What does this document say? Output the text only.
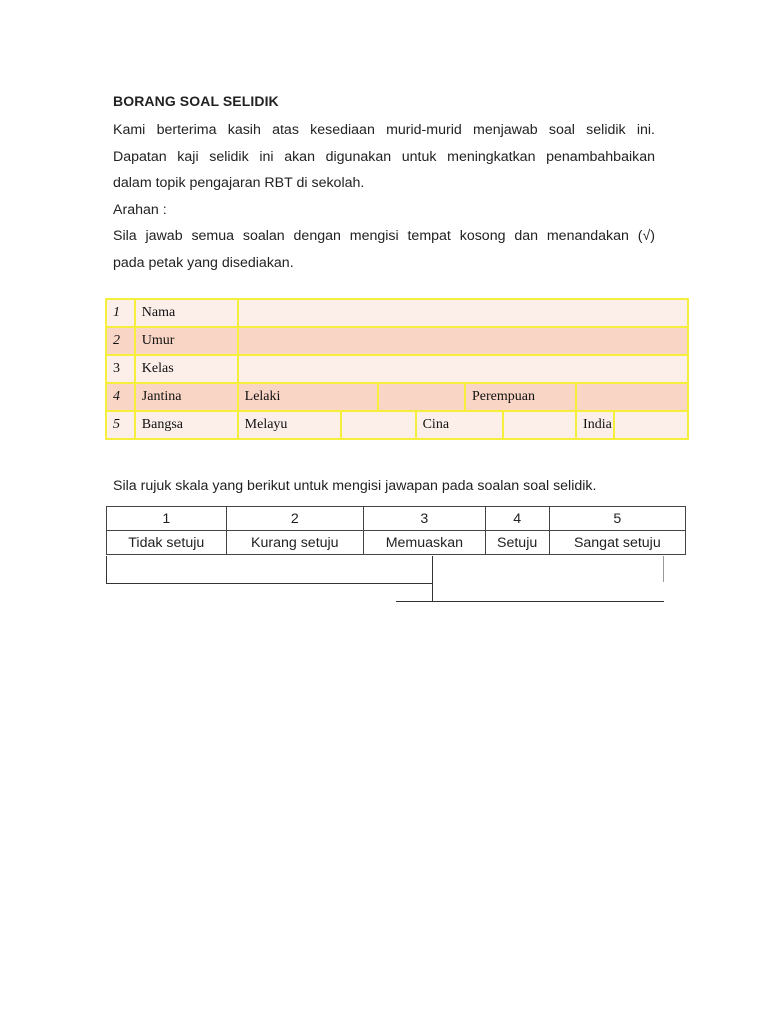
BORANG SOAL SELIDIK
Kami berterima kasih atas kesediaan murid-murid menjawab soal selidik ini.
Dapatan kaji selidik ini akan digunakan untuk meningkatkan penambahbaikan
dalam topik pengajaran RBT di sekolah.
Arahan :
Sila jawab semua soalan dengan mengisi tempat kosong dan menandakan (√)
pada petak yang disediakan.
1	Nama								
2	Umur								
3	Kelas								
4	Jantina	Lelaki				Perempuan			
5	Bangsa	Melayu			Cina			India	
Sila rujuk skala yang berikut untuk mengisi jawapan pada soalan soal selidik.
1	2	3	4	5
Tidak setuju	Kurang setuju	Memuaskan	Setuju	Sangat setuju
